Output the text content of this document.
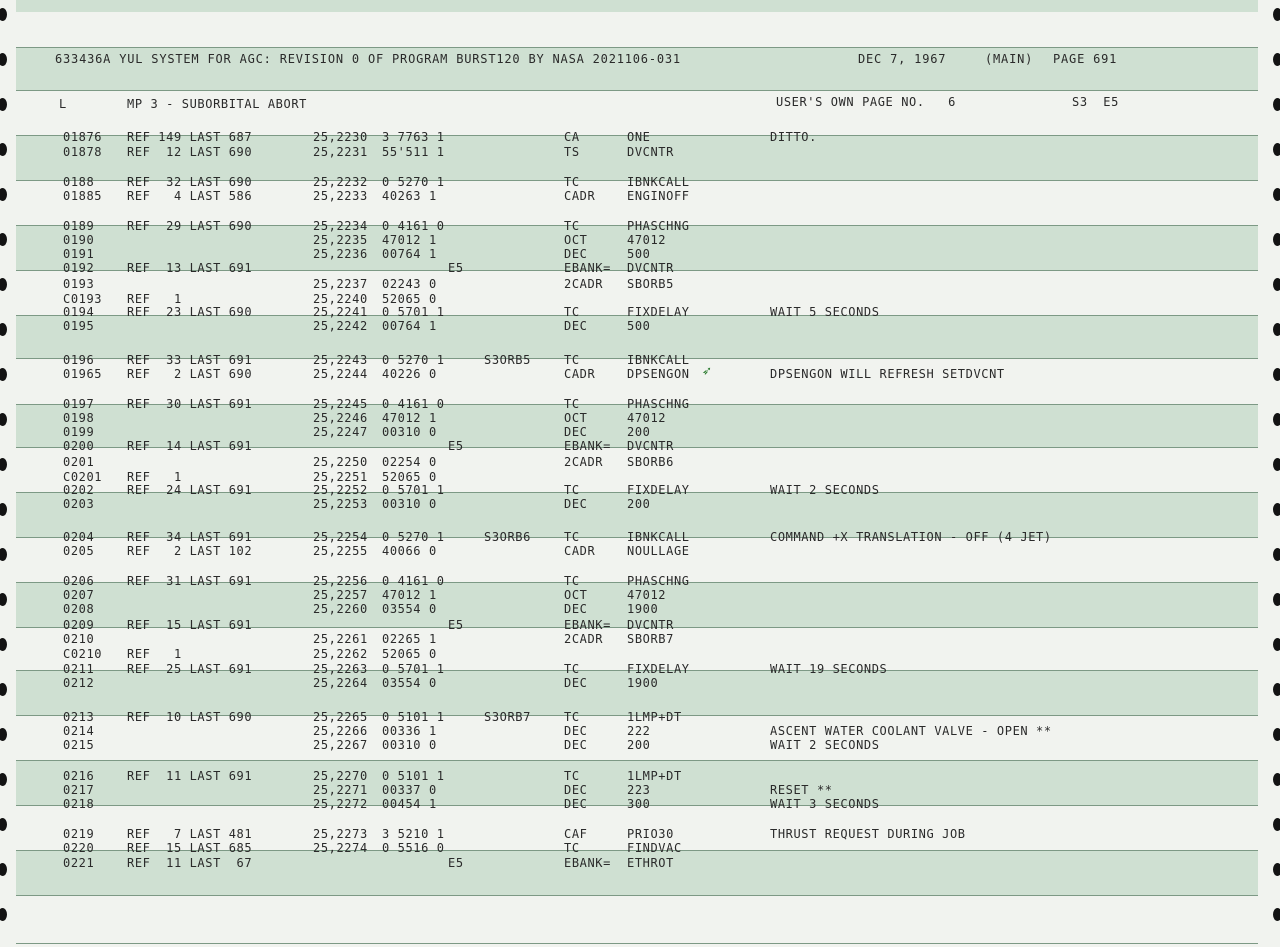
633436A YUL SYSTEM FOR AGC: REVISION 0 OF PROGRAM BURST120 BY NASA 2021106-031	DEC 7, 1967	(MAIN) PAGE 691
L	MP 3 - SUBORBITAL ABORT	USER'S OWN PAGE NO.   6	S3  E5
01876 REF 149 LAST 687	25,2230 3 7763 1	CA	ONE	DITTO.
01878 REF  12 LAST 690	25,2231 55'511 1	TS	DVCNTR
0188	REF  32 LAST 690	25,2232 0 5270 1	TC	IBNKCALL
01885 REF   4 LAST 586	25,2233 40263 1	CADR	ENGINOFF
0189	REF  29 LAST 690	25,2234 0 4161 0	TC	PHASCHNG
0190	25,2235 47012 1	OCT	47012
0191	25,2236 00764 1	DEC	500
0192	REF  13 LAST 691	E5	EBANK= DVCNTR
0193	25,2237 02243 0	2CADR SBORB5
C0193 REF   1	25,2240 52065 0
0194	REF  23 LAST 690	25,2241 0 5701 1	TC	FIXDELAY	WAIT 5 SECONDS
0195	25,2242 00764 1	DEC	500
0196	REF  33 LAST 691	25,2243 0 5270 1	S3ORB5	TC	IBNKCALL
01965 REF   2 LAST 690	25,2244 40226 0	CADR	DPSENGON	DPSENGON WILL REFRESH SETDVCNT
0197	REF  30 LAST 691	25,2245 0 4161 0	TC	PHASCHNG
0198	25,2246 47012 1	OCT	47012
0199	25,2247 00310 0	DEC	200
0200	REF  14 LAST 691	E5	EBANK= DVCNTR
0201	25,2250 02254 0	2CADR SBORB6
C0201 REF   1	25,2251 52065 0
0202	REF  24 LAST 691	25,2252 0 5701 1	TC	FIXDELAY	WAIT 2 SECONDS
0203	25,2253 00310 0	DEC	200
0204	REF  34 LAST 691	25,2254 0 5270 1	S3ORB6	TC	IBNKCALL	COMMAND +X TRANSLATION - OFF (4 JET)
0205	REF   2 LAST 102	25,2255 40066 0	CADR	NOULLAGE
0206	REF  31 LAST 691	25,2256 0 4161 0	TC	PHASCHNG
0207	25,2257 47012 1	OCT	47012
0208	25,2260 03554 0	DEC	1900
0209	REF  15 LAST 691	E5	EBANK= DVCNTR
0210	25,2261 02265 1	2CADR SBORB7
C0210 REF   1	25,2262 52065 0
0211	REF  25 LAST 691	25,2263 0 5701 1	TC	FIXDELAY	WAIT 19 SECONDS
0212	25,2264 03554 0	DEC	1900
0213	REF  10 LAST 690	25,2265 0 5101 1	S3ORB7	TC	1LMP+DT
0214	25,2266 00336 1	DEC	222	ASCENT WATER COOLANT VALVE - OPEN **
0215	25,2267 00310 0	DEC	200	WAIT 2 SECONDS
0216	REF  11 LAST 691	25,2270 0 5101 1	TC	1LMP+DT
0217	25,2271 00337 0	DEC	223	RESET **
0218	25,2272 00454 1	DEC	300	WAIT 3 SECONDS
0219	REF   7 LAST 481	25,2273 3 5210 1	CAF	PRIO30	THRUST REQUEST DURING JOB
0220	REF  15 LAST 685	25,2274 0 5516 0	TC	FINDVAC
0221	REF  11 LAST  67	E5	EBANK= ETHROT
➶
